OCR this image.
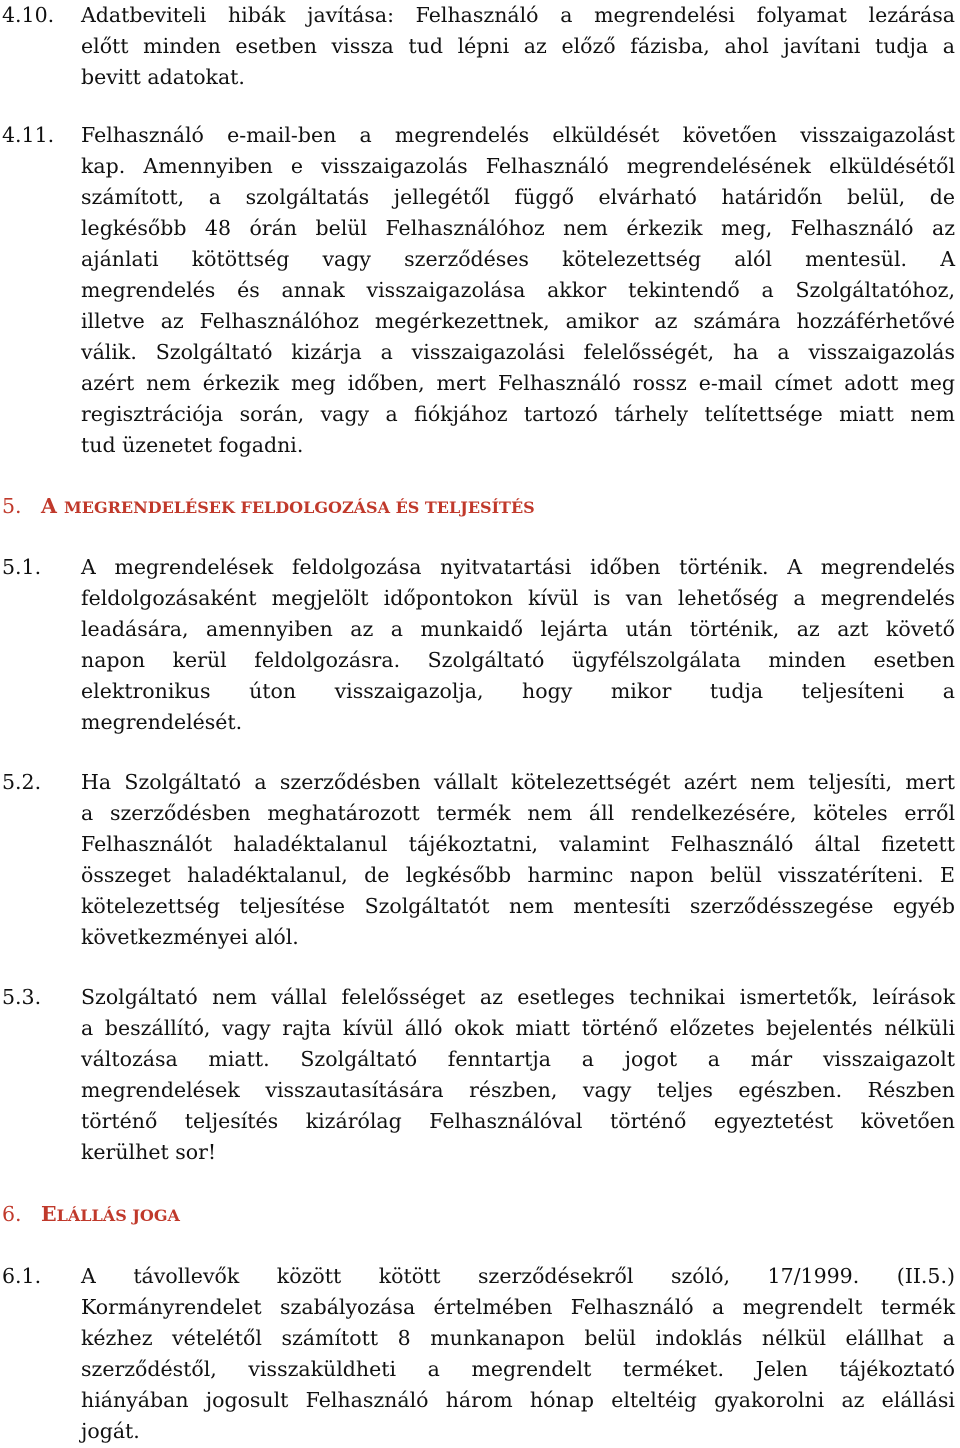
4.10. Adatbeviteli hibák javítása: Felhasználó a megrendelési folyamat lezárása
előtt minden esetben vissza tud lépni az előző fázisba, ahol javítani tudja a
bevitt adatokat.
4.11. Felhasználó e-mail-ben a megrendelés elküldését követően visszaigazolást
kap. Amennyiben e visszaigazolás Felhasználó megrendelésének elküldésétől
számított, a szolgáltatás jellegétől függő elvárható határidőn belül, de
legkésőbb 48 órán belül Felhasználóhoz nem érkezik meg, Felhasználó az
ajánlati kötöttség vagy szerződéses kötelezettség alól mentesül. A
megrendelés és annak visszaigazolása akkor tekintendő a Szolgáltatóhoz,
illetve az Felhasználóhoz megérkezettnek, amikor az számára hozzáférhetővé
válik. Szolgáltató kizárja a visszaigazolási felelősségét, ha a visszaigazolás
azért nem érkezik meg időben, mert Felhasználó rossz e-mail címet adott meg
regisztrációja során, vagy a fiókjához tartozó tárhely telítettsége miatt nem
tud üzenetet fogadni.
5. A MEGRENDELÉSEK FELDOLGOZÁSA ÉS TELJESÍTÉS
5.1. A megrendelések feldolgozása nyitvatartási időben történik. A megrendelés
feldolgozásaként megjelölt időpontokon kívül is van lehetőség a megrendelés
leadására, amennyiben az a munkaidő lejárta után történik, az azt követő
napon kerül feldolgozásra. Szolgáltató ügyfélszolgálata minden esetben
elektronikus úton visszaigazolja, hogy mikor tudja teljesíteni a
megrendelését.
5.2. Ha Szolgáltató a szerződésben vállalt kötelezettségét azért nem teljesíti, mert
a szerződésben meghatározott termék nem áll rendelkezésére, köteles erről
Felhasználót haladéktalanul tájékoztatni, valamint Felhasználó által fizetett
összeget haladéktalanul, de legkésőbb harminc napon belül visszatéríteni. E
kötelezettség teljesítése Szolgáltatót nem mentesíti szerződésszegése egyéb
következményei alól.
5.3. Szolgáltató nem vállal felelősséget az esetleges technikai ismertetők, leírások
a beszállító, vagy rajta kívül álló okok miatt történő előzetes bejelentés nélküli
változása miatt. Szolgáltató fenntartja a jogot a már visszaigazolt
megrendelések visszautasítására részben, vagy teljes egészben. Részben
történő teljesítés kizárólag Felhasználóval történő egyeztetést követően
kerülhet sor!
6. ELÁLLÁS JOGA
6.1. A távollevők között kötött szerződésekről szóló, 17/1999. (II.5.)
Kormányrendelet szabályozása értelmében Felhasználó a megrendelt termék
kézhez vételétől számított 8 munkanapon belül indoklás nélkül elállhat a
szerződéstől, visszaküldheti a megrendelt terméket. Jelen tájékoztató
hiányában jogosult Felhasználó három hónap elteltéig gyakorolni az elállási
jogát.
